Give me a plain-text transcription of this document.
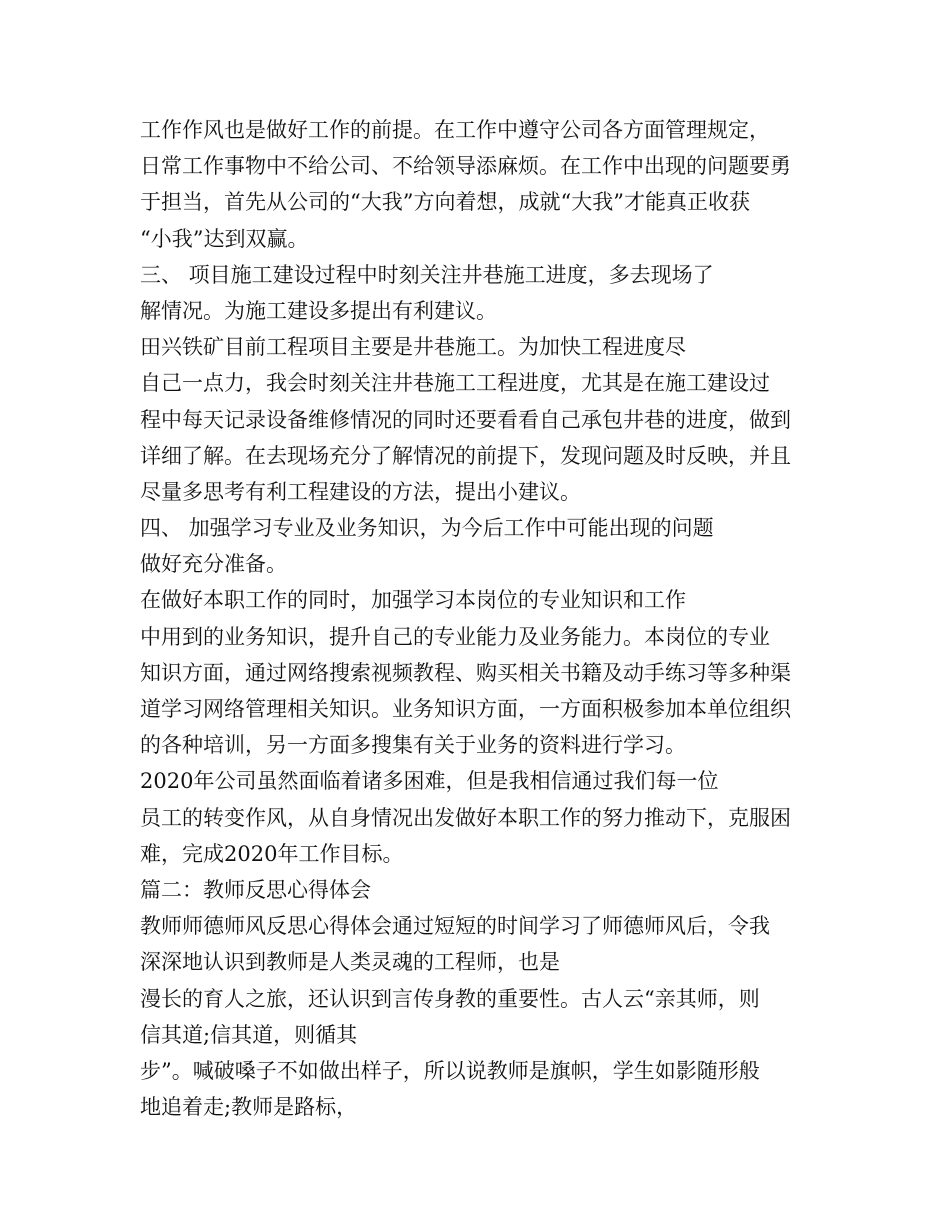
工作作风也是做好工作的前提。在工作中遵守公司各方面管理规定，
日常工作事物中不给公司、不给领导添麻烦。在工作中出现的问题要勇
于担当，首先从公司的“大我”方向着想，成就“大我”才能真正收获
“小我”达到双赢。
三、 项目施工建设过程中时刻关注井巷施工进度，多去现场了
解情况。为施工建设多提出有利建议。
田兴铁矿目前工程项目主要是井巷施工。为加快工程进度尽
自己一点力，我会时刻关注井巷施工工程进度，尤其是在施工建设过
程中每天记录设备维修情况的同时还要看看自己承包井巷的进度，做到
详细了解。在去现场充分了解情况的前提下，发现问题及时反映，并且
尽量多思考有利工程建设的方法，提出小建议。
四、 加强学习专业及业务知识，为今后工作中可能出现的问题
做好充分准备。
在做好本职工作的同时，加强学习本岗位的专业知识和工作
中用到的业务知识，提升自己的专业能力及业务能力。本岗位的专业
知识方面，通过网络搜索视频教程、购买相关书籍及动手练习等多种渠
道学习网络管理相关知识。业务知识方面，一方面积极参加本单位组织
的各种培训，另一方面多搜集有关于业务的资料进行学习。
2020年公司虽然面临着诸多困难，但是我相信通过我们每一位
员工的转变作风，从自身情况出发做好本职工作的努力推动下，克服困
难，完成2020年工作目标。
篇二：教师反思心得体会
教师师德师风反思心得体会通过短短的时间学习了师德师风后，令我
深深地认识到教师是人类灵魂的工程师，也是
漫长的育人之旅，还认识到言传身教的重要性。古人云“亲其师，则
信其道;信其道，则循其
步”。喊破嗓子不如做出样子，所以说教师是旗帜，学生如影随形般
地追着走;教师是路标，
